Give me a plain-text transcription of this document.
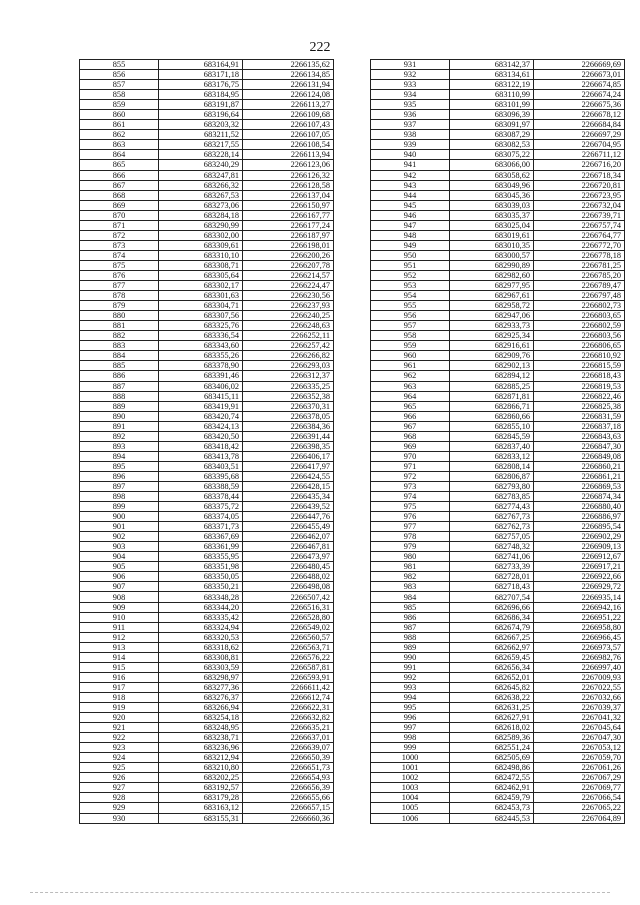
222
855	683164,91	2266135,62
856	683171,18	2266134,85
857	683176,75	2266131,94
858	683184,95	2266124,08
859	683191,87	2266113,27
860	683196,64	2266109,68
861	683203,32	2266107,43
862	683211,52	2266107,05
863	683217,55	2266108,54
864	683228,14	2266113,94
865	683240,29	2266123,06
866	683247,81	2266126,32
867	683266,32	2266128,58
868	683267,53	2266137,04
869	683273,06	2266150,97
870	683284,18	2266167,77
871	683290,99	2266177,24
872	683302,00	2266187,97
873	683309,61	2266198,01
874	683310,10	2266200,26
875	683308,71	2266207,78
876	683305,64	2266214,57
877	683302,17	2266224,47
878	683301,63	2266230,56
879	683304,71	2266237,93
880	683307,56	2266240,25
881	683325,76	2266248,63
882	683336,54	2266252,11
883	683343,60	2266257,42
884	683355,26	2266266,82
885	683378,90	2266293,03
886	683391,46	2266312,37
887	683406,02	2266335,25
888	683415,11	2266352,38
889	683419,91	2266370,31
890	683420,74	2266378,05
891	683424,13	2266384,36
892	683420,50	2266391,44
893	683418,42	2266398,35
894	683413,78	2266406,17
895	683403,51	2266417,97
896	683395,68	2266424,55
897	683388,59	2266428,15
898	683378,44	2266435,34
899	683375,72	2266439,52
900	683374,05	2266447,76
901	683371,73	2266455,49
902	683367,69	2266462,07
903	683361,99	2266467,81
904	683355,95	2266473,97
905	683351,98	2266480,45
906	683350,05	2266488,02
907	683350,21	2266498,08
908	683348,28	2266507,42
909	683344,20	2266516,31
910	683335,42	2266528,80
911	683324,94	2266549,02
912	683320,53	2266560,57
913	683318,62	2266563,71
914	683308,81	2266576,22
915	683303,59	2266587,81
916	683298,97	2266593,91
917	683277,36	2266611,42
918	683276,37	2266612,74
919	683266,94	2266622,31
920	683254,18	2266632,82
921	683248,95	2266635,21
922	683238,71	2266637,01
923	683236,96	2266639,07
924	683212,94	2266650,39
925	683210,80	2266651,73
926	683202,25	2266654,93
927	683192,57	2266656,39
928	683179,28	2266655,66
929	683163,12	2266657,15
930	683155,31	2266660,36
931	683142,37	2266669,69
932	683134,61	2266673,01
933	683122,19	2266674,85
934	683110,99	2266674,24
935	683101,99	2266675,36
936	683096,39	2266678,12
937	683091,97	2266684,84
938	683087,29	2266697,29
939	683082,53	2266704,95
940	683075,22	2266711,12
941	683066,00	2266716,20
942	683058,62	2266718,34
943	683049,96	2266720,81
944	683045,36	2266723,95
945	683039,03	2266732,04
946	683035,37	2266739,71
947	683025,04	2266757,74
948	683019,61	2266764,77
949	683010,35	2266772,70
950	683000,57	2266778,18
951	682990,89	2266781,25
952	682982,60	2266785,20
953	682977,95	2266789,47
954	682967,61	2266797,48
955	682958,72	2266802,73
956	682947,06	2266803,65
957	682933,73	2266802,59
958	682925,34	2266803,56
959	682916,61	2266806,65
960	682909,76	2266810,92
961	682902,13	2266815,59
962	682894,12	2266818,43
963	682885,25	2266819,53
964	682871,81	2266822,46
965	682866,71	2266825,38
966	682860,66	2266831,59
967	682855,10	2266837,18
968	682845,59	2266843,63
969	682837,40	2266847,30
970	682833,12	2266849,08
971	682808,14	2266860,21
972	682806,87	2266861,21
973	682793,80	2266869,53
974	682783,85	2266874,34
975	682774,43	2266880,40
976	682767,73	2266886,97
977	682762,73	2266895,54
978	682757,05	2266902,29
979	682748,32	2266909,13
980	682741,06	2266912,67
981	682733,39	2266917,21
982	682728,01	2266922,66
983	682718,43	2266929,72
984	682707,54	2266935,14
985	682696,66	2266942,16
986	682686,34	2266951,22
987	682674,79	2266958,80
988	682667,25	2266966,45
989	682662,97	2266973,57
990	682659,45	2266982,76
991	682656,34	2266997,40
992	682652,01	2267009,93
993	682645,82	2267022,55
994	682638,22	2267032,66
995	682631,25	2267039,37
996	682627,91	2267041,32
997	682618,02	2267045,64
998	682589,36	2267047,30
999	682551,24	2267053,12
1000	682505,69	2267059,70
1001	682498,86	2267061,26
1002	682472,55	2267067,29
1003	682462,91	2267069,77
1004	682459,79	2267066,54
1005	682453,73	2267065,22
1006	682445,53	2267064,89
